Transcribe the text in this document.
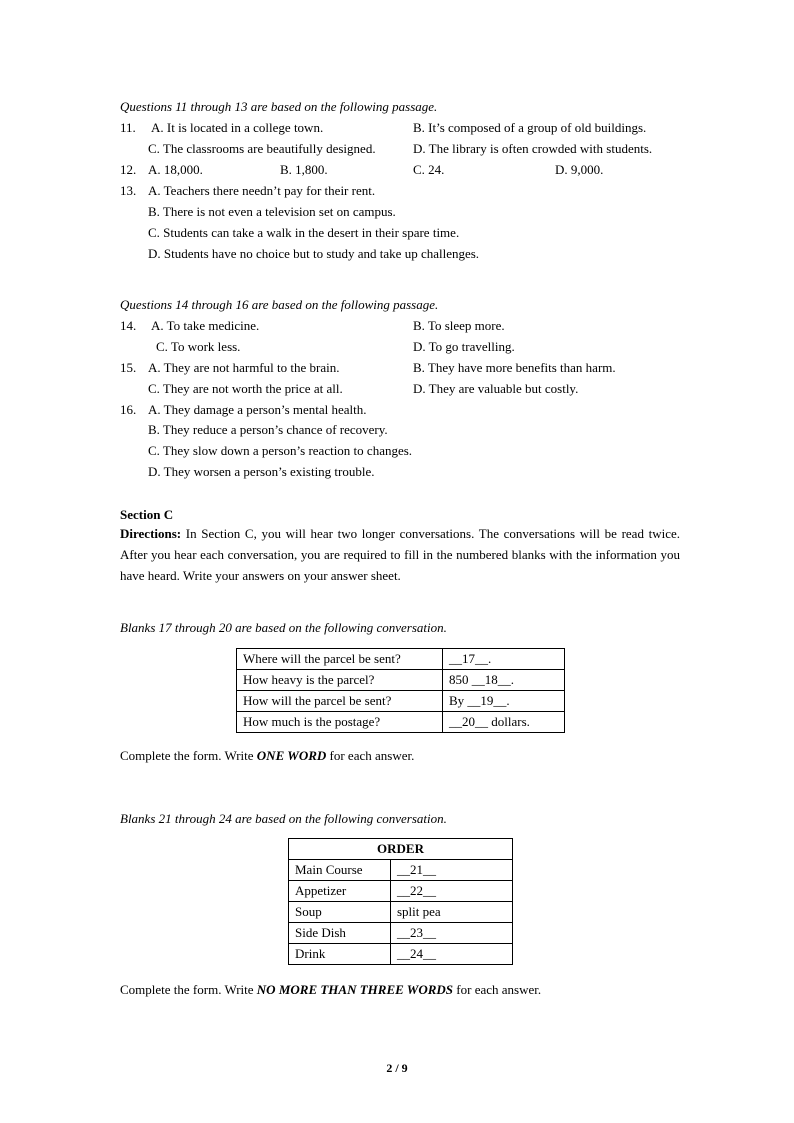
Questions 11 through 13 are based on the following passage.
11. A. It is located in a college town.	B. It’s composed of a group of old buildings.
C. The classrooms are beautifully designed.	D. The library is often crowded with students.
12. A. 18,000.	B. 1,800.	C. 24.	D. 9,000.
13. A. Teachers there needn’t pay for their rent.
B. There is not even a television set on campus.
C. Students can take a walk in the desert in their spare time.
D. Students have no choice but to study and take up challenges.
Questions 14 through 16 are based on the following passage.
14. A. To take medicine.	B. To sleep more.
C. To work less.	D. To go travelling.
15. A. They are not harmful to the brain.	B. They have more benefits than harm.
C. They are not worth the price at all.	D. They are valuable but costly.
16. A. They damage a person’s mental health.
B. They reduce a person’s chance of recovery.
C. They slow down a person’s reaction to changes.
D. They worsen a person’s existing trouble.
Section C
Directions: In Section C, you will hear two longer conversations. The conversations will be read twice. After you hear each conversation, you are required to fill in the numbered blanks with the information you have heard. Write your answers on your answer sheet.
Blanks 17 through 20 are based on the following conversation.
Where will the parcel be sent?	__17__.
How heavy is the parcel?	850 __18__.
How will the parcel be sent?	By __19__.
How much is the postage?	__20__ dollars.
Complete the form. Write ONE WORD for each answer.
Blanks 21 through 24 are based on the following conversation.
ORDER	
Main Course	__21__
Appetizer	__22__
Soup	split pea
Side Dish	__23__
Drink	__24__
Complete the form. Write NO MORE THAN THREE WORDS for each answer.
2 / 9
